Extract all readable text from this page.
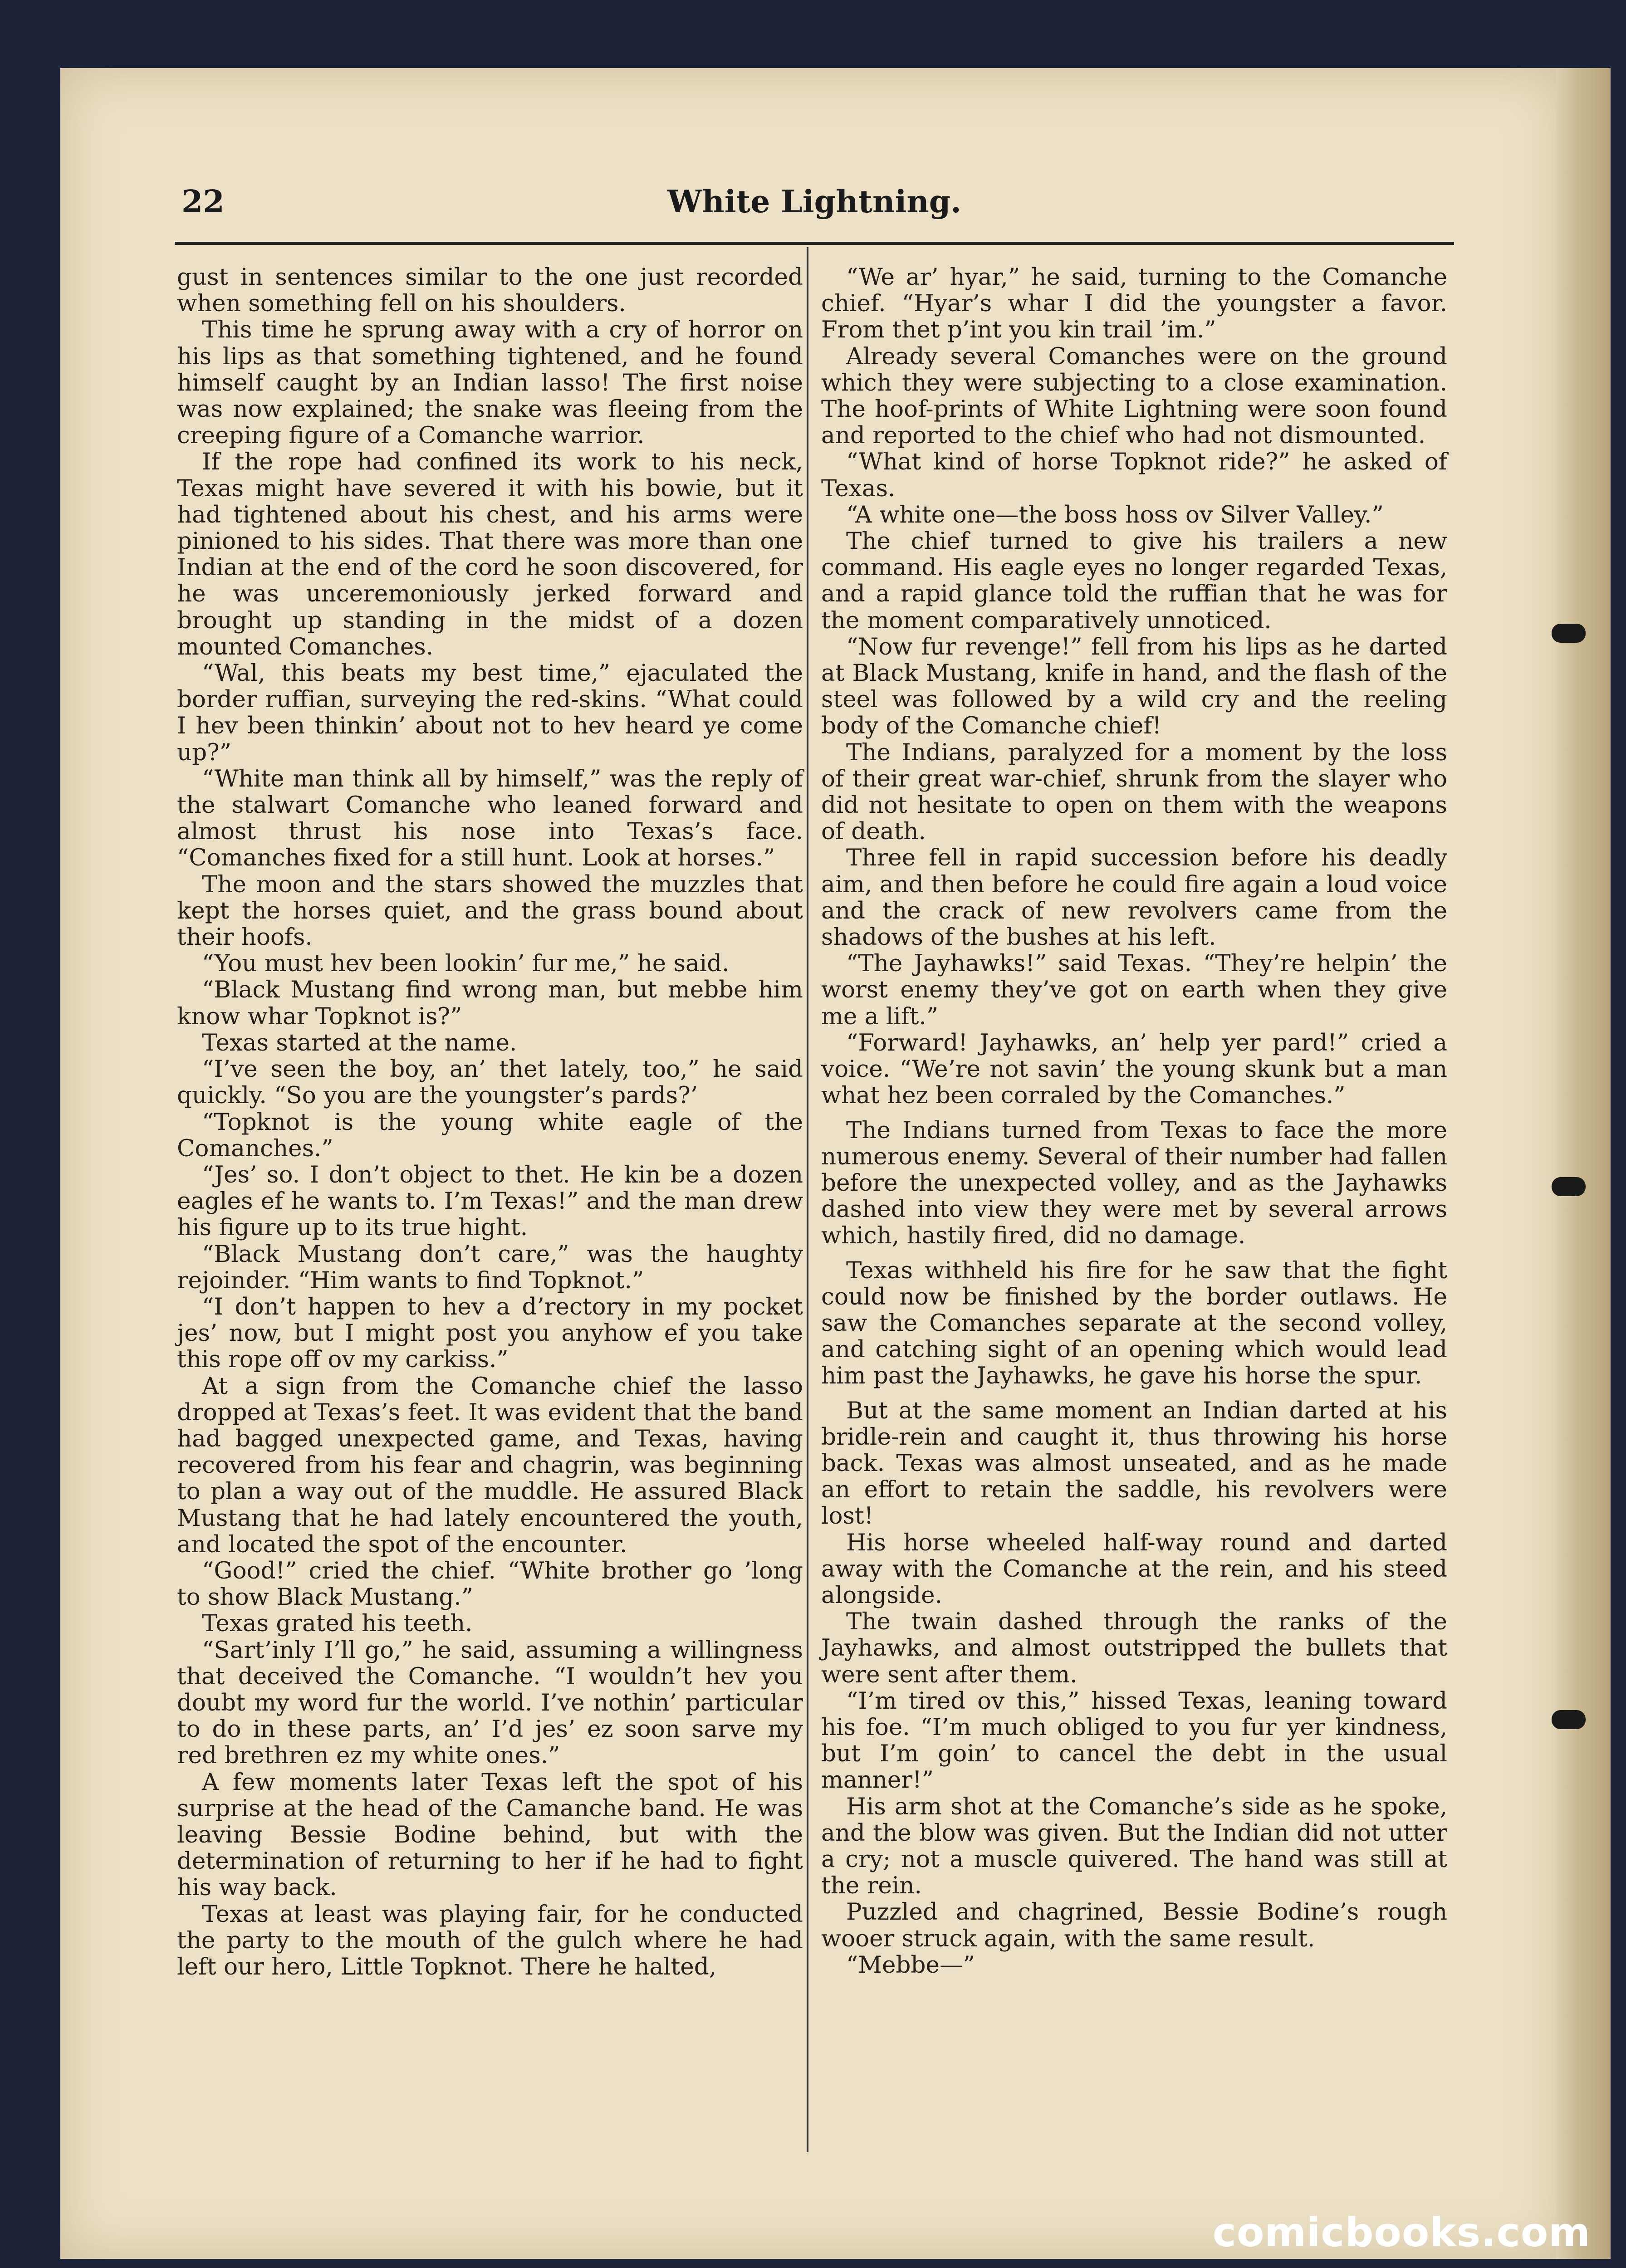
22	White Lightning.

gust in sentences similar to the one just recorded when something fell on his shoulders.

This time he sprung away with a cry of horror on his lips as that something tightened, and he found himself caught by an Indian lasso! The first noise was now explained; the snake was fleeing from the creeping figure of a Comanche warrior.

If the rope had confined its work to his neck, Texas might have severed it with his bowie, but it had tightened about his chest, and his arms were pinioned to his sides. That there was more than one Indian at the end of the cord he soon discovered, for he was unceremoniously jerked forward and brought up standing in the midst of a dozen mounted Comanches.

“Wal, this beats my best time,” ejaculated the border ruffian, surveying the red-skins. “What could I hev been thinkin’ about not to hev heard ye come up?”

“White man think all by himself,” was the reply of the stalwart Comanche who leaned forward and almost thrust his nose into Texas’s face. “Comanches fixed for a still hunt. Look at horses.”

The moon and the stars showed the muzzles that kept the horses quiet, and the grass bound about their hoofs.

“You must hev been lookin’ fur me,” he said.

“Black Mustang find wrong man, but mebbe him know whar Topknot is?”

Texas started at the name.

“I’ve seen the boy, an’ thet lately, too,” he said quickly. “So you are the youngster’s pards?’

“Topknot is the young white eagle of the Comanches.”

“Jes’ so. I don’t object to thet. He kin be a dozen eagles ef he wants to. I’m Texas!” and the man drew his figure up to its true hight.

“Black Mustang don’t care,” was the haughty rejoinder. “Him wants to find Topknot.”

“I don’t happen to hev a d’rectory in my pocket jes’ now, but I might post you anyhow ef you take this rope off ov my carkiss.”

At a sign from the Comanche chief the lasso dropped at Texas’s feet. It was evident that the band had bagged unexpected game, and Texas, having recovered from his fear and chagrin, was beginning to plan a way out of the muddle. He assured Black Mustang that he had lately encountered the youth, and located the spot of the encounter.

“Good!” cried the chief. “White brother go ’long to show Black Mustang.”

Texas grated his teeth.

“Sart’inly I’ll go,” he said, assuming a willingness that deceived the Comanche. “I wouldn’t hev you doubt my word fur the world. I’ve nothin’ particular to do in these parts, an’ I’d jes’ ez soon sarve my red brethren ez my white ones.”

A few moments later Texas left the spot of his surprise at the head of the Camanche band. He was leaving Bessie Bodine behind, but with the determination of returning to her if he had to fight his way back.

Texas at least was playing fair, for he conducted the party to the mouth of the gulch where he had left our hero, Little Topknot. There he halted,

“We ar’ hyar,” he said, turning to the Comanche chief. “Hyar’s whar I did the youngster a favor. From thet p’int you kin trail ’im.”

Already several Comanches were on the ground which they were subjecting to a close examination. The hoof-prints of White Lightning were soon found and reported to the chief who had not dismounted.

“What kind of horse Topknot ride?” he asked of Texas.

“A white one—the boss hoss ov Silver Valley.”

The chief turned to give his trailers a new command. His eagle eyes no longer regarded Texas, and a rapid glance told the ruffian that he was for the moment comparatively unnoticed.

“Now fur revenge!” fell from his lips as he darted at Black Mustang, knife in hand, and the flash of the steel was followed by a wild cry and the reeling body of the Comanche chief!

The Indians, paralyzed for a moment by the loss of their great war-chief, shrunk from the slayer who did not hesitate to open on them with the weapons of death.

Three fell in rapid succession before his deadly aim, and then before he could fire again a loud voice and the crack of new revolvers came from the shadows of the bushes at his left.

“The Jayhawks!” said Texas. “They’re helpin’ the worst enemy they’ve got on earth when they give me a lift.”

“Forward! Jayhawks, an’ help yer pard!” cried a voice. “We’re not savin’ the young skunk but a man what hez been corraled by the Comanches.”

The Indians turned from Texas to face the more numerous enemy. Several of their number had fallen before the unexpected volley, and as the Jayhawks dashed into view they were met by several arrows which, hastily fired, did no damage.

Texas withheld his fire for he saw that the fight could now be finished by the border outlaws. He saw the Comanches separate at the second volley, and catching sight of an opening which would lead him past the Jayhawks, he gave his horse the spur.

But at the same moment an Indian darted at his bridle-rein and caught it, thus throwing his horse back. Texas was almost unseated, and as he made an effort to retain the saddle, his revolvers were lost!

His horse wheeled half-way round and darted away with the Comanche at the rein, and his steed alongside.

The twain dashed through the ranks of the Jayhawks, and almost outstripped the bullets that were sent after them.

“I’m tired ov this,” hissed Texas, leaning toward his foe. “I’m much obliged to you fur yer kindness, but I’m goin’ to cancel the debt in the usual manner!”

His arm shot at the Comanche’s side as he spoke, and the blow was given. But the Indian did not utter a cry; not a muscle quivered. The hand was still at the rein.

Puzzled and chagrined, Bessie Bodine’s rough wooer struck again, with the same result.

“Mebbe—”

comicbooks.com
